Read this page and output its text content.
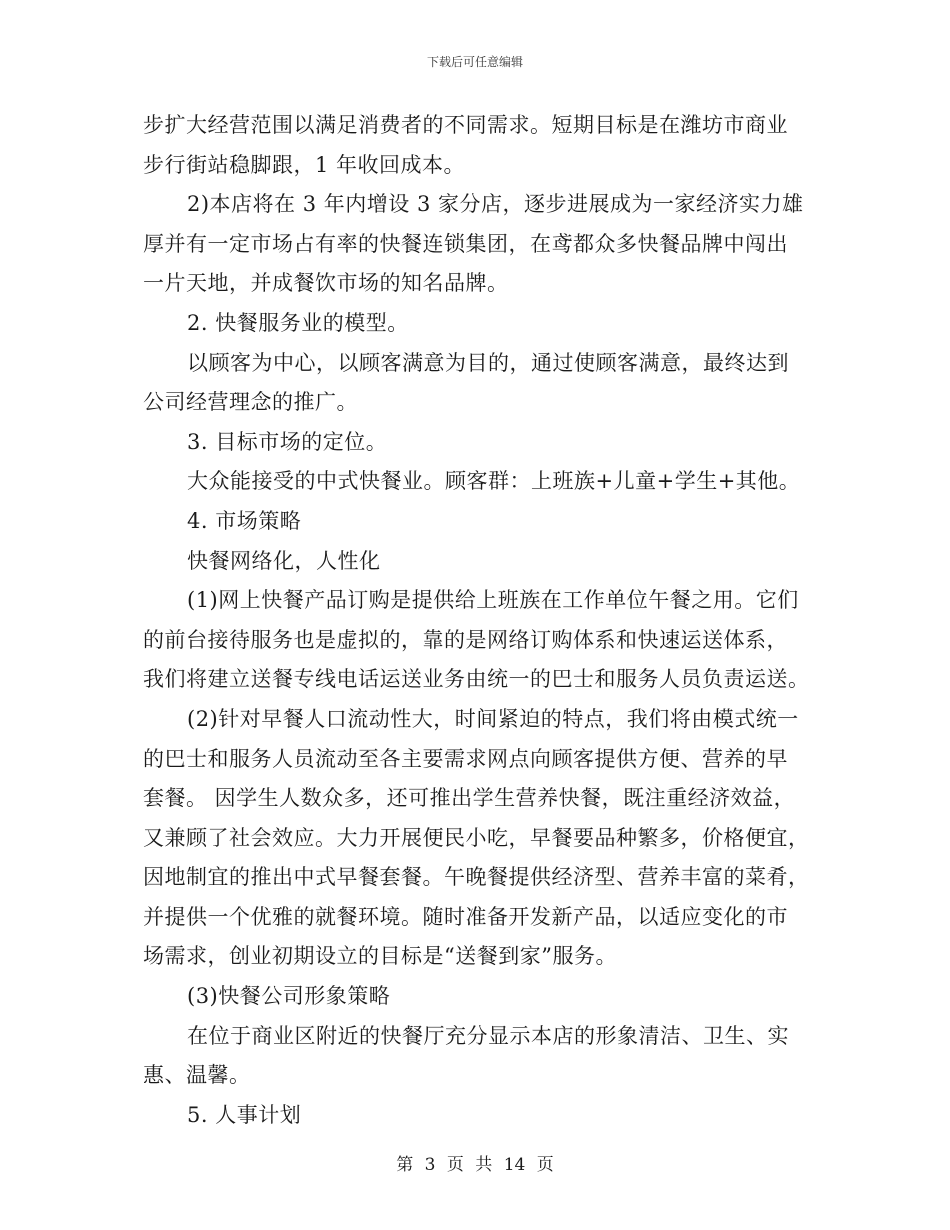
下载后可任意编辑
步扩大经营范围以满足消费者的不同需求。短期目标是在潍坊市商业
步行街站稳脚跟，1 年收回成本。
2)本店将在 3 年内增设 3 家分店，逐步进展成为一家经济实力雄
厚并有一定市场占有率的快餐连锁集团，在鸢都众多快餐品牌中闯出
一片天地，并成餐饮市场的知名品牌。
2. 快餐服务业的模型。
以顾客为中心，以顾客满意为目的，通过使顾客满意，最终达到
公司经营理念的推广。
3. 目标市场的定位。
大众能接受的中式快餐业。顾客群：上班族+儿童+学生+其他。
4. 市场策略
快餐网络化，人性化
(1)网上快餐产品订购是提供给上班族在工作单位午餐之用。它们
的前台接待服务也是虚拟的，靠的是网络订购体系和快速运送体系，
我们将建立送餐专线电话运送业务由统一的巴士和服务人员负责运送。
(2)针对早餐人口流动性大，时间紧迫的特点，我们将由模式统一
的巴士和服务人员流动至各主要需求网点向顾客提供方便、营养的早
套餐。 因学生人数众多，还可推出学生营养快餐，既注重经济效益，
又兼顾了社会效应。大力开展便民小吃，早餐要品种繁多，价格便宜，
因地制宜的推出中式早餐套餐。午晚餐提供经济型、营养丰富的菜肴，
并提供一个优雅的就餐环境。随时准备开发新产品，以适应变化的市
场需求，创业初期设立的目标是“送餐到家”服务。
(3)快餐公司形象策略
在位于商业区附近的快餐厅充分显示本店的形象清洁、卫生、实
惠、温馨。
5. 人事计划
第 3 页 共 14 页
